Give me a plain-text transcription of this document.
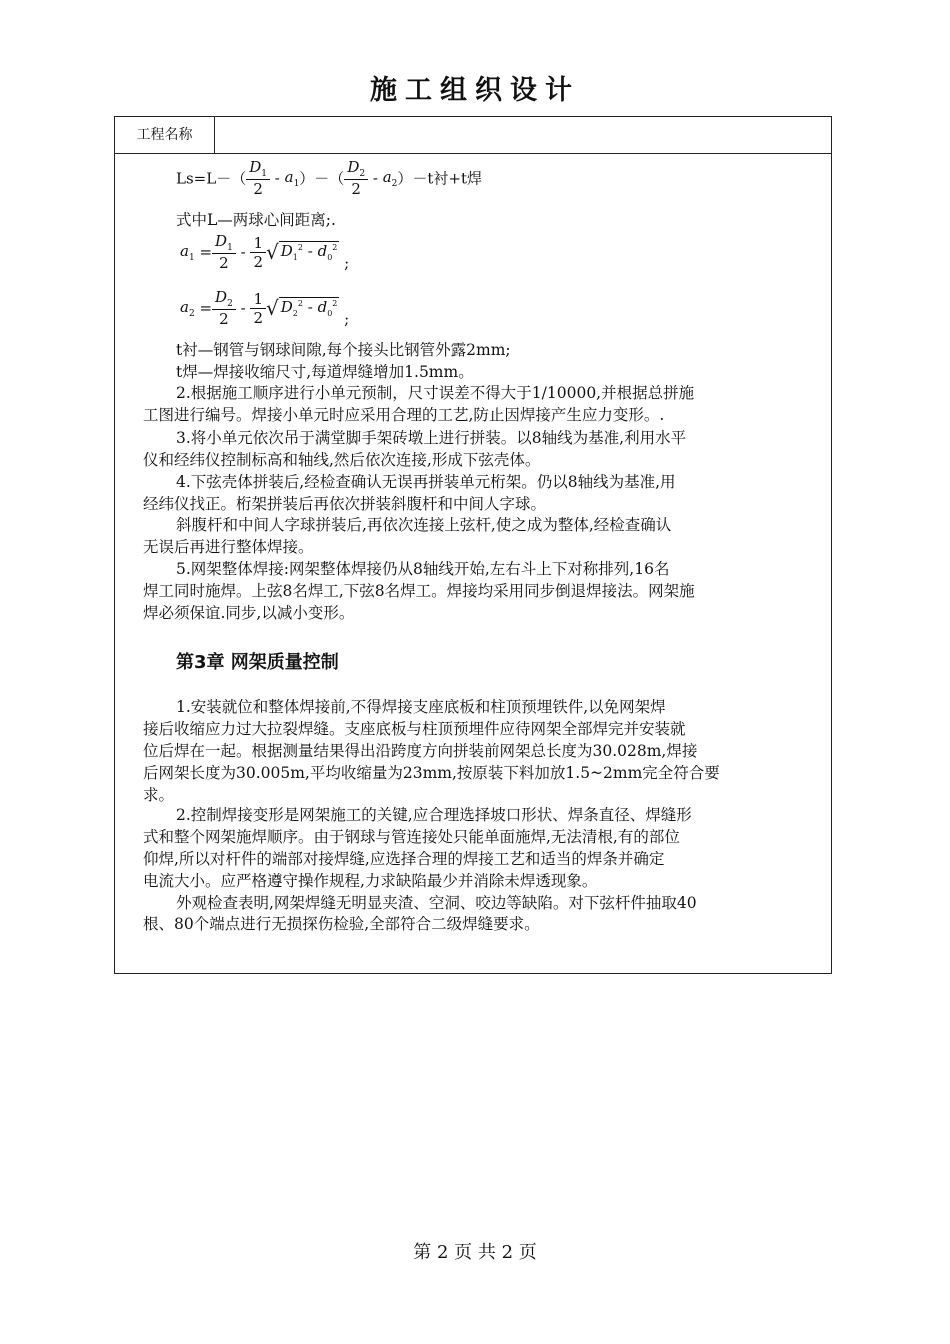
施工组织设计
工程名称
$Ls=L-( \frac{D_1}{2} - a_1)-( \frac{D_2}{2} - a_2)-t$衬+t焊
式中L—两球心间距离;.
$a_1 = \frac{D_1}{2} - \frac{1}{2}$ √ $D_1^2 - d_0^2$ ;
$a_2 = \frac{D_2}{2} - \frac{1}{2}$ √ $D_2^2 - d_0^2$ ;
t衬—钢管与钢球间隙,每个接头比钢管外露2mm;
t焊—焊接收缩尺寸,每道焊缝增加1.5mm。
2.根据施工顺序进行小单元预制，尺寸误差不得大于1/10000,并根据总拼施
工图进行编号。焊接小单元时应采用合理的工艺,防止因焊接产生应力变形。.
3.将小单元依次吊于满堂脚手架砖墩上进行拼装。以8轴线为基准,利用水平
仪和经纬仪控制标高和轴线,然后依次连接,形成下弦壳体。
4.下弦壳体拼装后,经检查确认无误再拼装单元桁架。仍以8轴线为基准,用
经纬仪找正。桁架拼装后再依次拼装斜腹杆和中间人字球。
斜腹杆和中间人字球拼装后,再依次连接上弦杆,使之成为整体,经检查确认
无误后再进行整体焊接。
5.网架整体焊接:网架整体焊接仍从8轴线开始,左右斗上下对称排列,16名
焊工同时施焊。上弦8名焊工,下弦8名焊工。焊接均采用同步倒退焊接法。网架施
焊必须保谊.同步,以减小变形。
第3章 网架质量控制
1.安装就位和整体焊接前,不得焊接支座底板和柱顶预埋铁件,以免网架焊
接后收缩应力过大拉裂焊缝。支座底板与柱顶预埋件应待网架全部焊完并安装就
位后焊在一起。根据测量结果得出沿跨度方向拼装前网架总长度为30.028m,焊接
后网架长度为30.005m,平均收缩量为23mm,按原装下料加放1.5~2mm完全符合要
求。
2.控制焊接变形是网架施工的关键,应合理选择坡口形状、焊条直径、焊缝形
式和整个网架施焊顺序。由于钢球与管连接处只能单面施焊,无法清根,有的部位
仰焊,所以对杆件的端部对接焊缝,应选择合理的焊接工艺和适当的焊条并确定
电流大小。应严格遵守操作规程,力求缺陷最少并消除未焊透现象。
外观检查表明,网架焊缝无明显夹渣、空洞、咬边等缺陷。对下弦杆件抽取40
根、80个端点进行无损探伤检验,全部符合二级焊缝要求。
第 2 页 共 2 页
